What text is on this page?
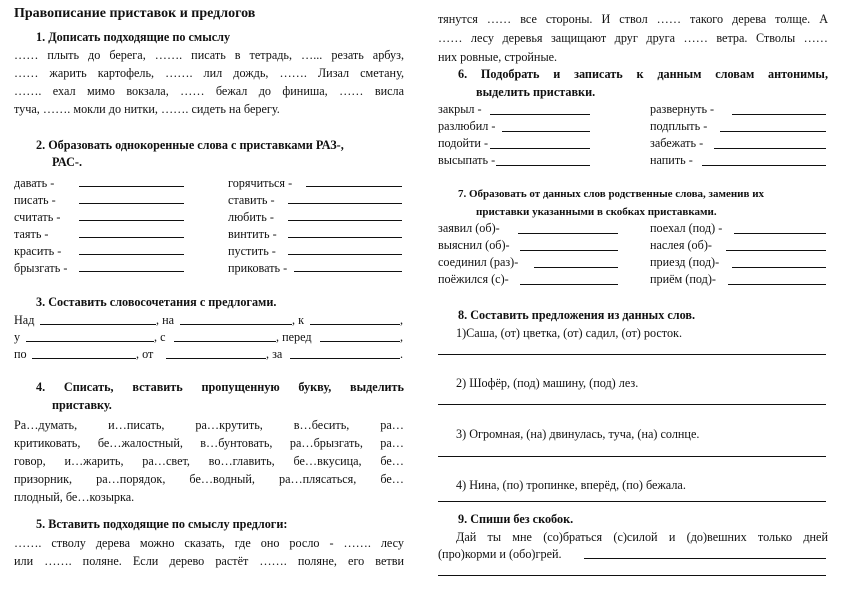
Правописание приставок и предлогов
1. Дописать подходящие по смыслу
…… плыть до берега, ……. писать в тетрадь, …... резать арбуз,
…… жарить картофель, ……. лил дождь, ……. Лизал сметану,
……. ехал мимо вокзала, …… бежал до финиша, …… висла
туча, ……. мокли до нитки, ……. сидеть на берегу.
2. Образовать однокоренные слова с приставками РАЗ-,
РАС-.
давать -	горячиться -
писать -	ставить -
считать -	любить -
таять -	винтить -
красить -	пустить -
брызгать -	приковать -
3. Составить словосочетания с предлогами.
Над	, на	, к	,
у	, с	, перед	,
по	, от	, за	.
4. Списать, вставить пропущенную букву, выделить
приставку.
Ра…думать, и…писать, ра…крутить, в…бесить, ра…
критиковать, бе…жалостный, в…бунтовать, ра…брызгать, ра…
говор, и…жарить, ра…свет, во…главить, бе…вкусица, бе…
призорник, ра…порядок, бе…водный, ра…пляcаться, бе…
плодный, бе…козырка.
5. Вставить подходящие по смыслу предлоги:
……. стволу дерева можно сказать, где оно росло - ……. лесу
или ……. поляне. Если дерево растёт ……. поляне, его ветви
тянутся …… все стороны. И ствол …… такого дерева толще. А
…… лесу деревья защищают друг друга …… ветра. Стволы ……
них ровные, стройные.
6. Подобрать и записать к данным словам антонимы,
выделить приставки.
закрыл -	развернуть -
разлюбил -	подплыть -
подойти -	забежать -
высыпать -	напить -
7. Образовать от данных слов родственные слова, заменив их
приставки указанными в скобках приставками.
заявил (об)-	поехал (под) -
выяснил (об)-	наслея (об)-
соединил (раз)-	приезд (под)-
поёжился (с)-	приём (под)-
8. Составить предложения из данных слов.
1)Саша, (от) цветка, (от) садил, (от) росток.
2) Шофёр, (под) машину, (под) лез.
3) Огромная, (на) двинулась, туча, (на) солнце.
4) Нина, (по) тропинке, вперёд, (по) бежала.
9. Спиши без скобок.
Дай ты мне (со)браться (с)силой и (до)вешних только дней
(про)корми и (обо)грей.
